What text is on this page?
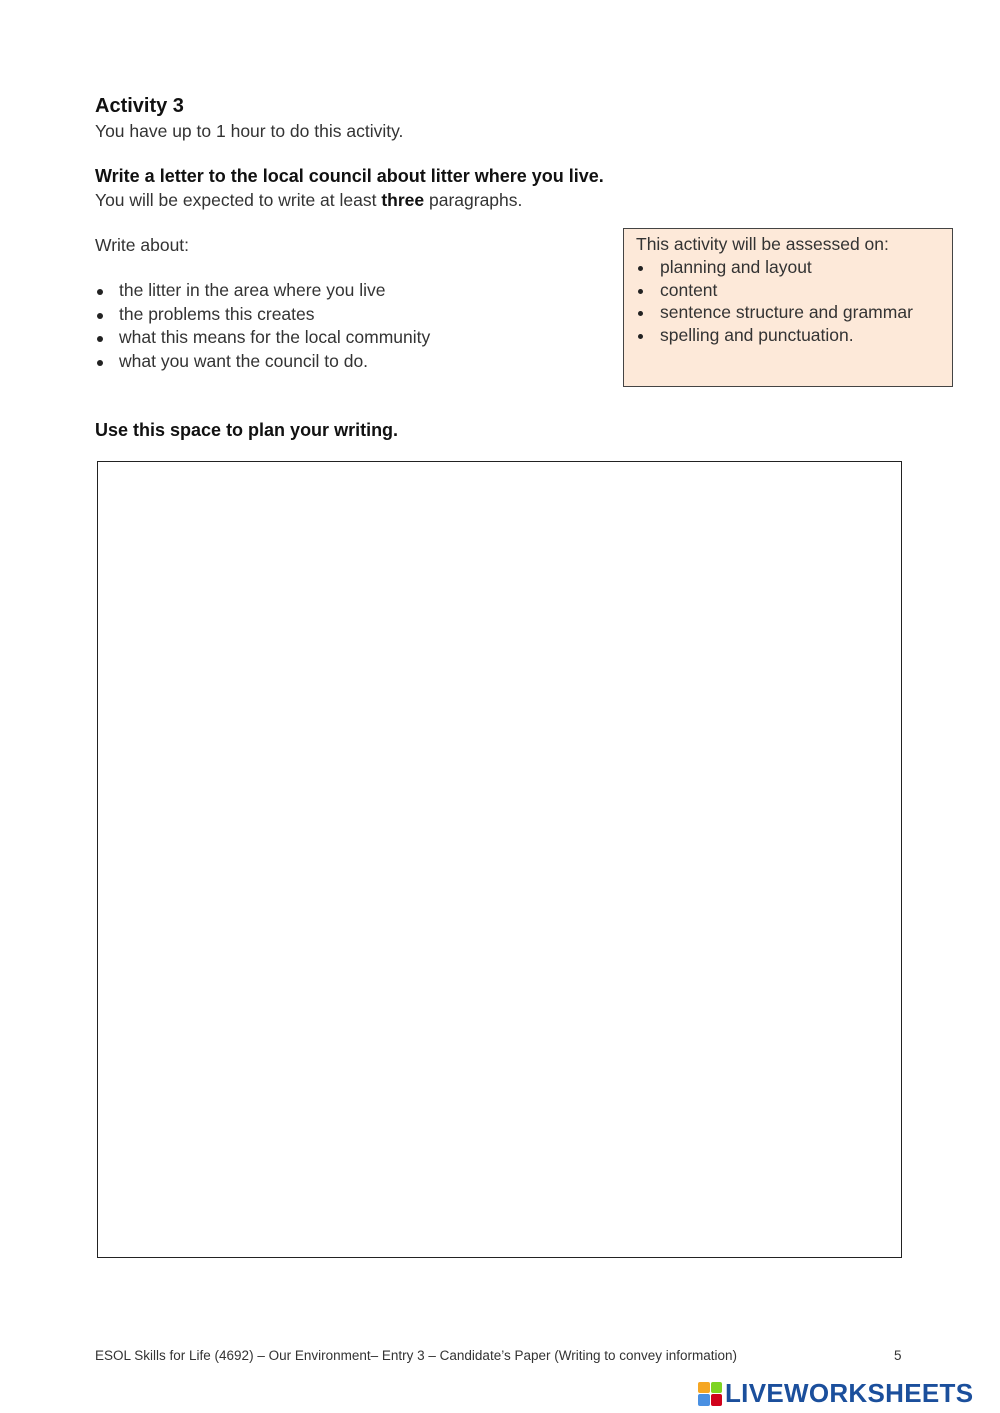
Activity 3
You have up to 1 hour to do this activity.
Write a letter to the local council about litter where you live.
You will be expected to write at least three paragraphs.
Write about:
the litter in the area where you live
the problems this creates
what this means for the local community
what you want the council to do.
This activity will be assessed on:
planning and layout
content
sentence structure and grammar
spelling and punctuation.
Use this space to plan your writing.
ESOL Skills for Life (4692) – Our Environment– Entry 3 – Candidate’s Paper (Writing to convey information)	5
LIVEWORKSHEETS
